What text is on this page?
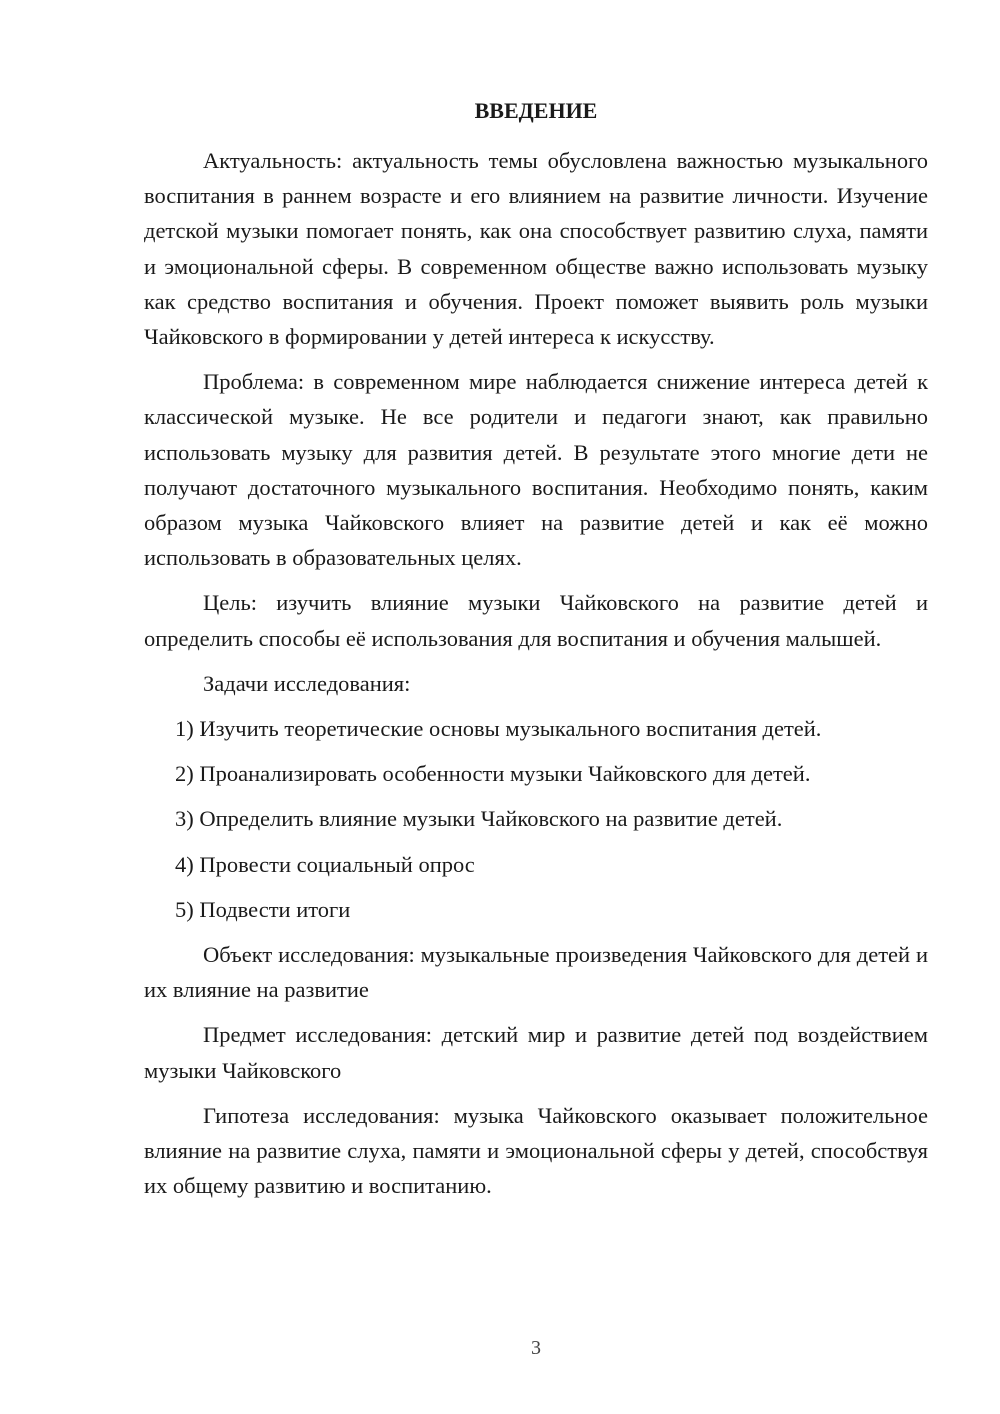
ВВЕДЕНИЕ

Актуальность: актуальность темы обусловлена важностью музыкального воспитания в раннем возрасте и его влиянием на развитие личности. Изучение детской музыки помогает понять, как она способствует развитию слуха, памяти и эмоциональной сферы. В современном обществе важно использовать музыку как средство воспитания и обучения. Проект поможет выявить роль музыки Чайковского в формировании у детей интереса к искусству.

Проблема: в современном мире наблюдается снижение интереса детей к классической музыке. Не все родители и педагоги знают, как правильно использовать музыку для развития детей. В результате этого многие дети не получают достаточного музыкального воспитания. Необходимо понять, каким образом музыка Чайковского влияет на развитие детей и как её можно использовать в образовательных целях.

Цель: изучить влияние музыки Чайковского на развитие детей и определить способы её использования для воспитания и обучения малышей.

Задачи исследования:

1) Изучить теоретические основы музыкального воспитания детей.

2) Проанализировать особенности музыки Чайковского для детей.

3) Определить влияние музыки Чайковского на развитие детей.

4) Провести социальный опрос

5) Подвести итоги

Объект исследования: музыкальные произведения Чайковского для детей и их влияние на развитие

Предмет исследования: детский мир и развитие детей под воздействием музыки Чайковского

Гипотеза исследования: музыка Чайковского оказывает положительное влияние на развитие слуха, памяти и эмоциональной сферы у детей, способствуя их общему развитию и воспитанию.

3
